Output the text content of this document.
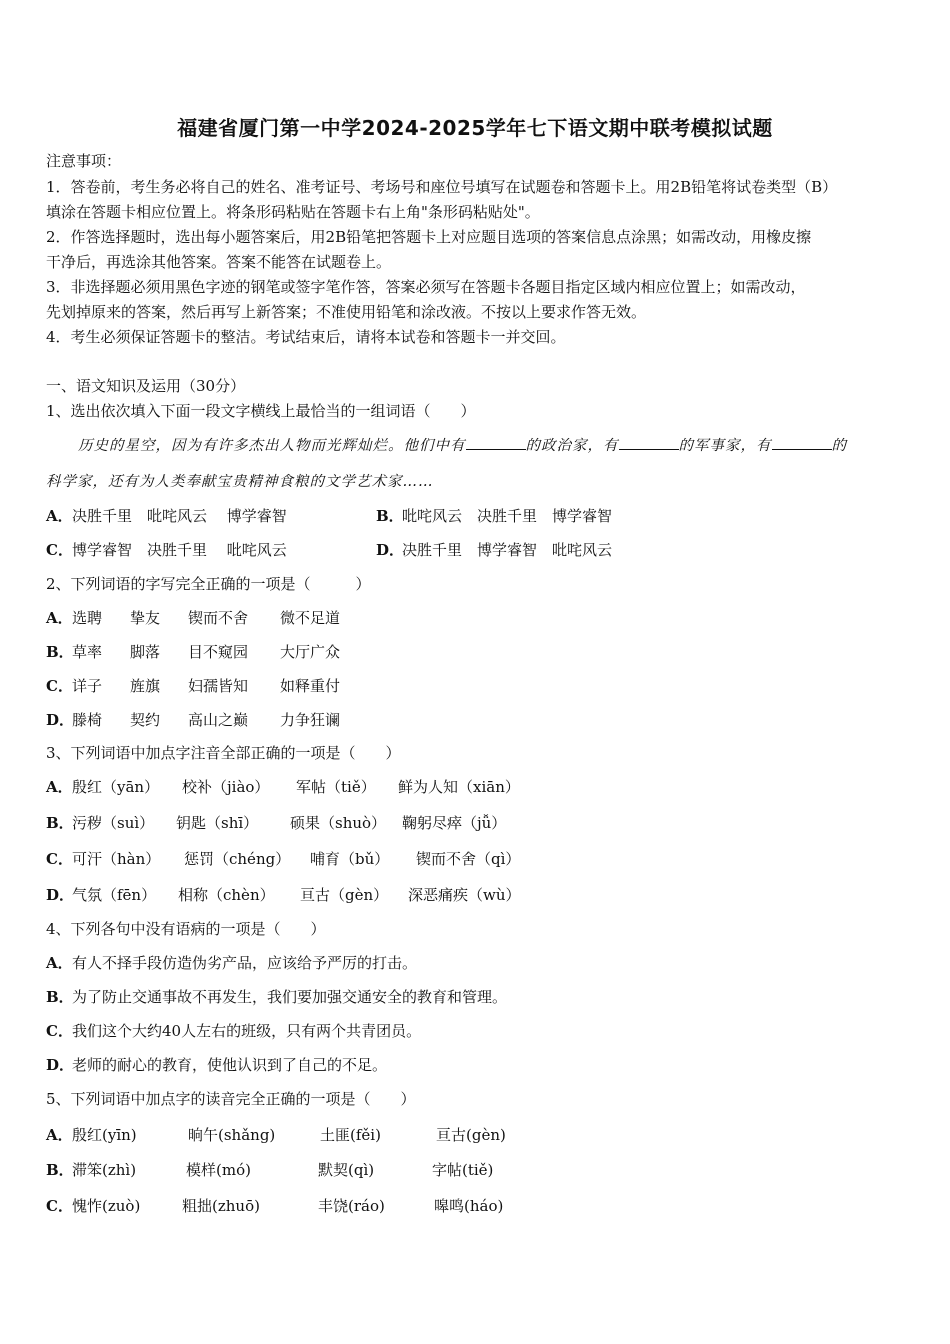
福建省厦门第一中学2024-2025学年七下语文期中联考模拟试题
注意事项：
1．答卷前，考生务必将自己的姓名、准考证号、考场号和座位号填写在试题卷和答题卡上。用2B铅笔将试卷类型（B）
填涂在答题卡相应位置上。将条形码粘贴在答题卡右上角"条形码粘贴处"。
2．作答选择题时，选出每小题答案后，用2B铅笔把答题卡上对应题目选项的答案信息点涂黑；如需改动，用橡皮擦
干净后，再选涂其他答案。答案不能答在试题卷上。
3．非选择题必须用黑色字迹的钢笔或签字笔作答，答案必须写在答题卡各题目指定区域内相应位置上；如需改动，
先划掉原来的答案，然后再写上新答案；不准使用铅笔和涂改液。不按以上要求作答无效。
4．考生必须保证答题卡的整洁。考试结束后，请将本试卷和答题卡一并交回。
一、语文知识及运用（30分）
1、选出依次填入下面一段文字横线上最恰当的一组词语（　　）
历史的星空，因为有许多杰出人物而光辉灿烂。他们中有	的政治家，有	的军事家，有	的
科学家，还有为人类奉献宝贵精神食粮的文学艺术家……
A．决胜千里　吡咤风云　 博学睿智	B．吡咤风云　决胜千里　博学睿智
C．博学睿智　决胜千里　 吡咤风云	D．决胜千里　博学睿智　吡咤风云
2、下列词语的字写完全正确的一项是（　　　）
A．选聘 挚友 锲而不舍 微不足道
B．草率 脚落 目不窥园 大厅广众
C．详子 旌旗 妇孺皆知 如释重付
D．滕椅 契约 高山之巅 力争狂谰
3、下列词语中加点字注音全部正确的一项是（　　）
A．殷红（yān） 校补（jiào） 军帖（tiě） 鲜为人知（xiān）
B．污秽（suì） 钥匙（shī） 硕果（shuò） 鞠躬尽瘁（jǚ）
C．可汗（hàn） 惩罚（chéng） 哺育（bǔ） 锲而不舍（qì）
D．气氛（fēn） 相称（chèn） 亘古（gèn） 深恶痛疾（wù）
4、下列各句中没有语病的一项是（　　）
A．有人不择手段仿造伪劣产品，应该给予严厉的打击。
B．为了防止交通事故不再发生，我们要加强交通安全的教育和管理。
C．我们这个大约40人左右的班级，只有两个共青团员。
D．老师的耐心的教育，使他认识到了自己的不足。
5、下列词语中加点字的读音完全正确的一项是（　　）
A．殷红(yīn)	晌午(shǎng)	土匪(fěi)	亘古(gèn)
B．滞笨(zhì)	模样(mó)	默契(qì)	字帖(tiě)
C．愧怍(zuò)	粗拙(zhuō)	丰饶(ráo)	嗥鸣(háo)
